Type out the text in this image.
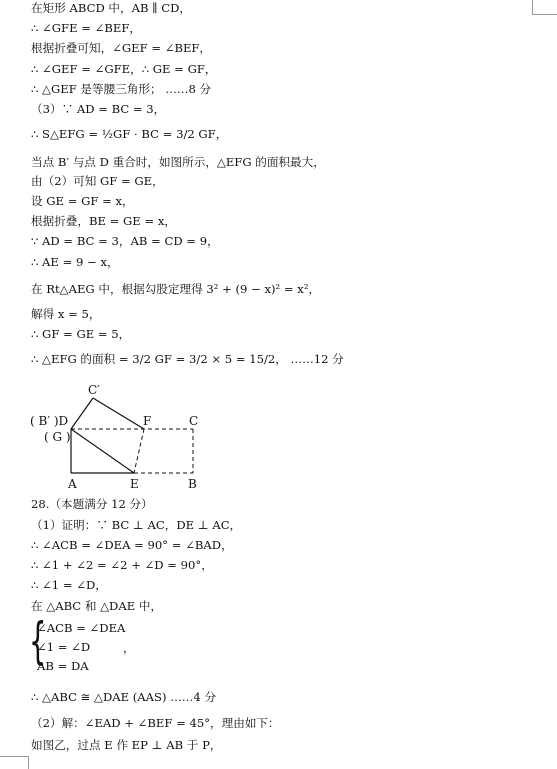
在矩形 ABCD 中，AB ∥ CD，
∴ ∠GFE = ∠BEF，
根据折叠可知，∠GEF = ∠BEF，
∴ ∠GEF = ∠GFE，∴ GE = GF，
∴ △GEF 是等腰三角形； ……8 分
（3）∵ AD = BC = 3，
∴ S△EFG = ½GF · BC = 3/2 GF，
当点 B′ 与点 D 重合时，如图所示，△EFG 的面积最大，
由（2）可知 GF = GE，
设 GE = GF = x，
根据折叠，BE = GE = x，
∵ AD = BC = 3，AB = CD = 9，
∴ AE = 9 − x，
在 Rt△AEG 中，根据勾股定理得 3² + (9 − x)² = x²，
解得 x = 5，
∴ GF = GE = 5，
∴ △EFG 的面积 = 3/2 GF = 3/2 × 5 = 15/2， ……12 分
C′
( B′ )D
( G )
F	C
A	E	B
28.（本题满分 12 分）
（1）证明：∵ BC ⊥ AC，DE ⊥ AC，
∴ ∠ACB = ∠DEA = 90° = ∠BAD，
∴ ∠1 + ∠2 = ∠2 + ∠D = 90°，
∴ ∠1 = ∠D，
在 △ABC 和 △DAE 中，
{
∠ACB = ∠DEA
∠1 = ∠D
AB = DA
，
∴ △ABC ≅ △DAE (AAS) ……4 分
（2）解：∠EAD + ∠BEF = 45°，理由如下：
如图乙，过点 E 作 EP ⊥ AB 于 P，
